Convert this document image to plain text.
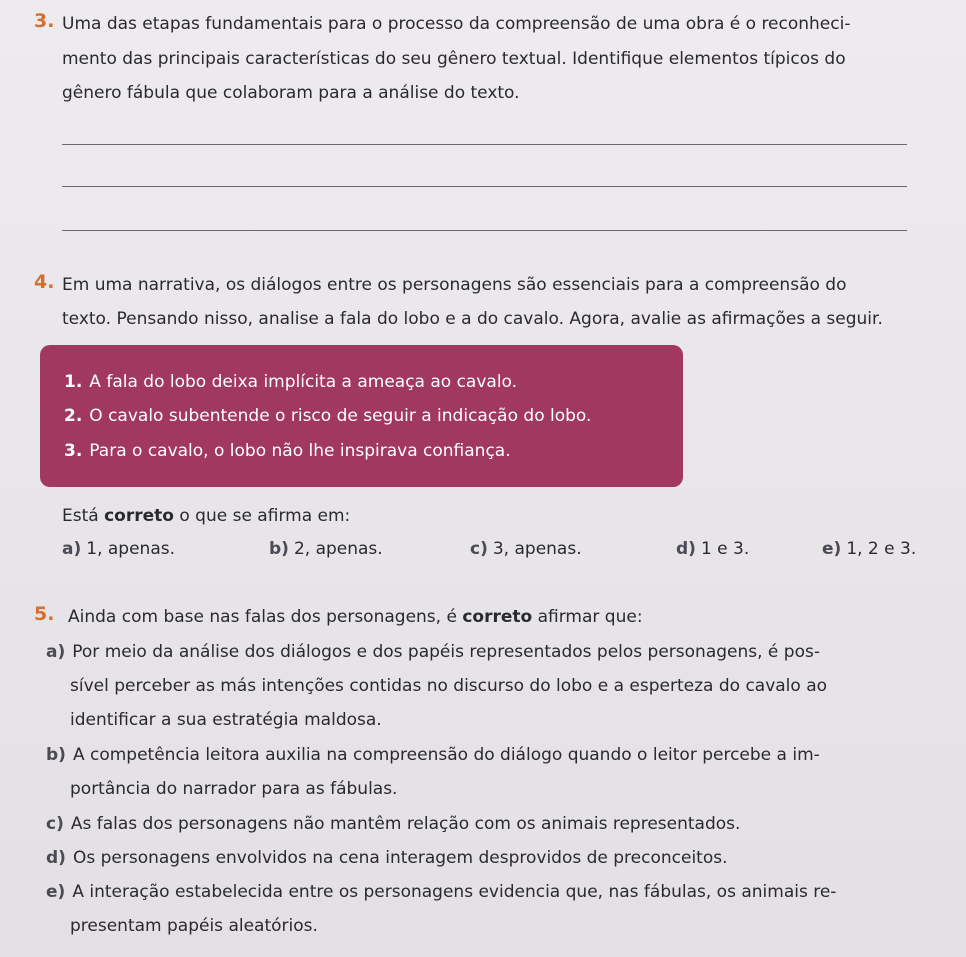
3. Uma das etapas fundamentais para o processo da compreensão de uma obra é o reconheci-
mento das principais características do seu gênero textual. Identifique elementos típicos do
gênero fábula que colaboram para a análise do texto.
4. Em uma narrativa, os diálogos entre os personagens são essenciais para a compreensão do
texto. Pensando nisso, analise a fala do lobo e a do cavalo. Agora, avalie as afirmações a seguir.
1. A fala do lobo deixa implícita a ameaça ao cavalo.
2. O cavalo subentende o risco de seguir a indicação do lobo.
3. Para o cavalo, o lobo não lhe inspirava confiança.
Está correto o que se afirma em:
a) 1, apenas.	b) 2, apenas.	c) 3, apenas.	d) 1 e 3.	e) 1, 2 e 3.
5. Ainda com base nas falas dos personagens, é correto afirmar que:
a) Por meio da análise dos diálogos e dos papéis representados pelos personagens, é pos-
sível perceber as más intenções contidas no discurso do lobo e a esperteza do cavalo ao
identificar a sua estratégia maldosa.
b) A competência leitora auxilia na compreensão do diálogo quando o leitor percebe a im-
portância do narrador para as fábulas.
c) As falas dos personagens não mantêm relação com os animais representados.
d) Os personagens envolvidos na cena interagem desprovidos de preconceitos.
e) A interação estabelecida entre os personagens evidencia que, nas fábulas, os animais re-
presentam papéis aleatórios.
